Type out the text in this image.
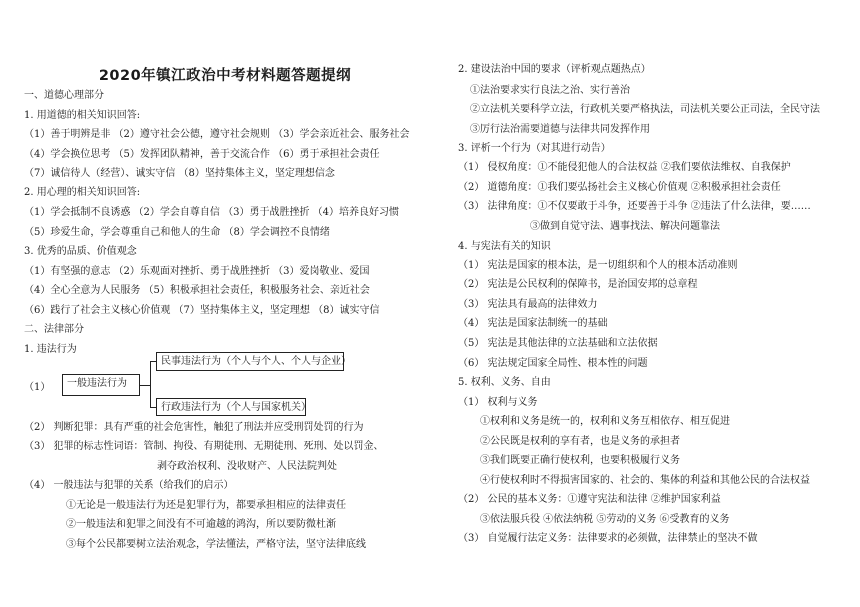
2020年镇江政治中考材料题答题提纲
一、道德心理部分
1. 用道德的相关知识回答:
（1）善于明辨是非 （2）遵守社会公德，遵守社会规则 （3）学会亲近社会、服务社会
（4）学会换位思考 （5）发挥团队精神，善于交流合作 （6）勇于承担社会责任
（7）诚信待人（经营）、诚实守信 （8）坚持集体主义，坚定理想信念
2. 用心理的相关知识回答:
（1）学会抵制不良诱惑 （2）学会自尊自信 （3）勇于战胜挫折 （4）培养良好习惯
（5）珍爱生命，学会尊重自己和他人的生命 （8）学会调控不良情绪
3. 优秀的品质、价值观念
（1）有坚强的意志 （2）乐观面对挫折、勇于战胜挫折 （3）爱岗敬业、爱国
（4）全心全意为人民服务 （5）积极承担社会责任，积极服务社会、亲近社会
（6）践行了社会主义核心价值观 （7）坚持集体主义，坚定理想 （8）诚实守信
二、法律部分
1. 违法行为
（1）	一般违法行为
民事违法行为（个人与个人、个人与企业）
行政违法行为（个人与国家机关）
（2） 判断犯罪：具有严重的社会危害性，触犯了刑法并应受刑罚处罚的行为
（3） 犯罪的标志性词语：管制、拘役、有期徒刑、无期徒刑、死刑、处以罚金、
剥夺政治权利、没收财产、人民法院判处
（4） 一般违法与犯罪的关系（给我们的启示）
①无论是一般违法行为还是犯罪行为，都要承担相应的法律责任
②一般违法和犯罪之间没有不可逾越的鸿沟，所以要防微杜渐
③每个公民都要树立法治观念，学法懂法，严格守法，坚守法律底线
2. 建设法治中国的要求（评析观点题热点）
①法治要求实行良法之治、实行善治
②立法机关要科学立法，行政机关要严格执法，司法机关要公正司法，全民守法
③厉行法治需要道德与法律共同发挥作用
3. 评析一个行为（对其进行动告）
（1） 侵权角度：①不能侵犯他人的合法权益 ②我们要依法维权、自我保护
（2） 道德角度：①我们要弘扬社会主义核心价值观 ②积极承担社会责任
（3） 法律角度：①不仅要敢于斗争，还要善于斗争 ②违法了什么法律，要……
③做到自觉守法、遇事找法、解决问题靠法
4. 与宪法有关的知识
（1） 宪法是国家的根本法，是一切组织和个人的根本活动准则
（2） 宪法是公民权利的保障书，是治国安邦的总章程
（3） 宪法具有最高的法律效力
（4） 宪法是国家法制统一的基础
（5） 宪法是其他法律的立法基础和立法依据
（6） 宪法规定国家全局性、根本性的问题
5. 权利、义务、自由
（1） 权利与义务
①权利和义务是统一的，权利和义务互相依存、相互促进
②公民既是权利的享有者，也是义务的承担者
③我们既要正确行使权利，也要积极履行义务
④行使权利时不得损害国家的、社会的、集体的利益和其他公民的合法权益
（2） 公民的基本义务：①遵守宪法和法律 ②维护国家利益
③依法服兵役 ④依法纳税 ⑤劳动的义务 ⑥受教育的义务
（3） 自觉履行法定义务：法律要求的必须做，法律禁止的坚决不做
